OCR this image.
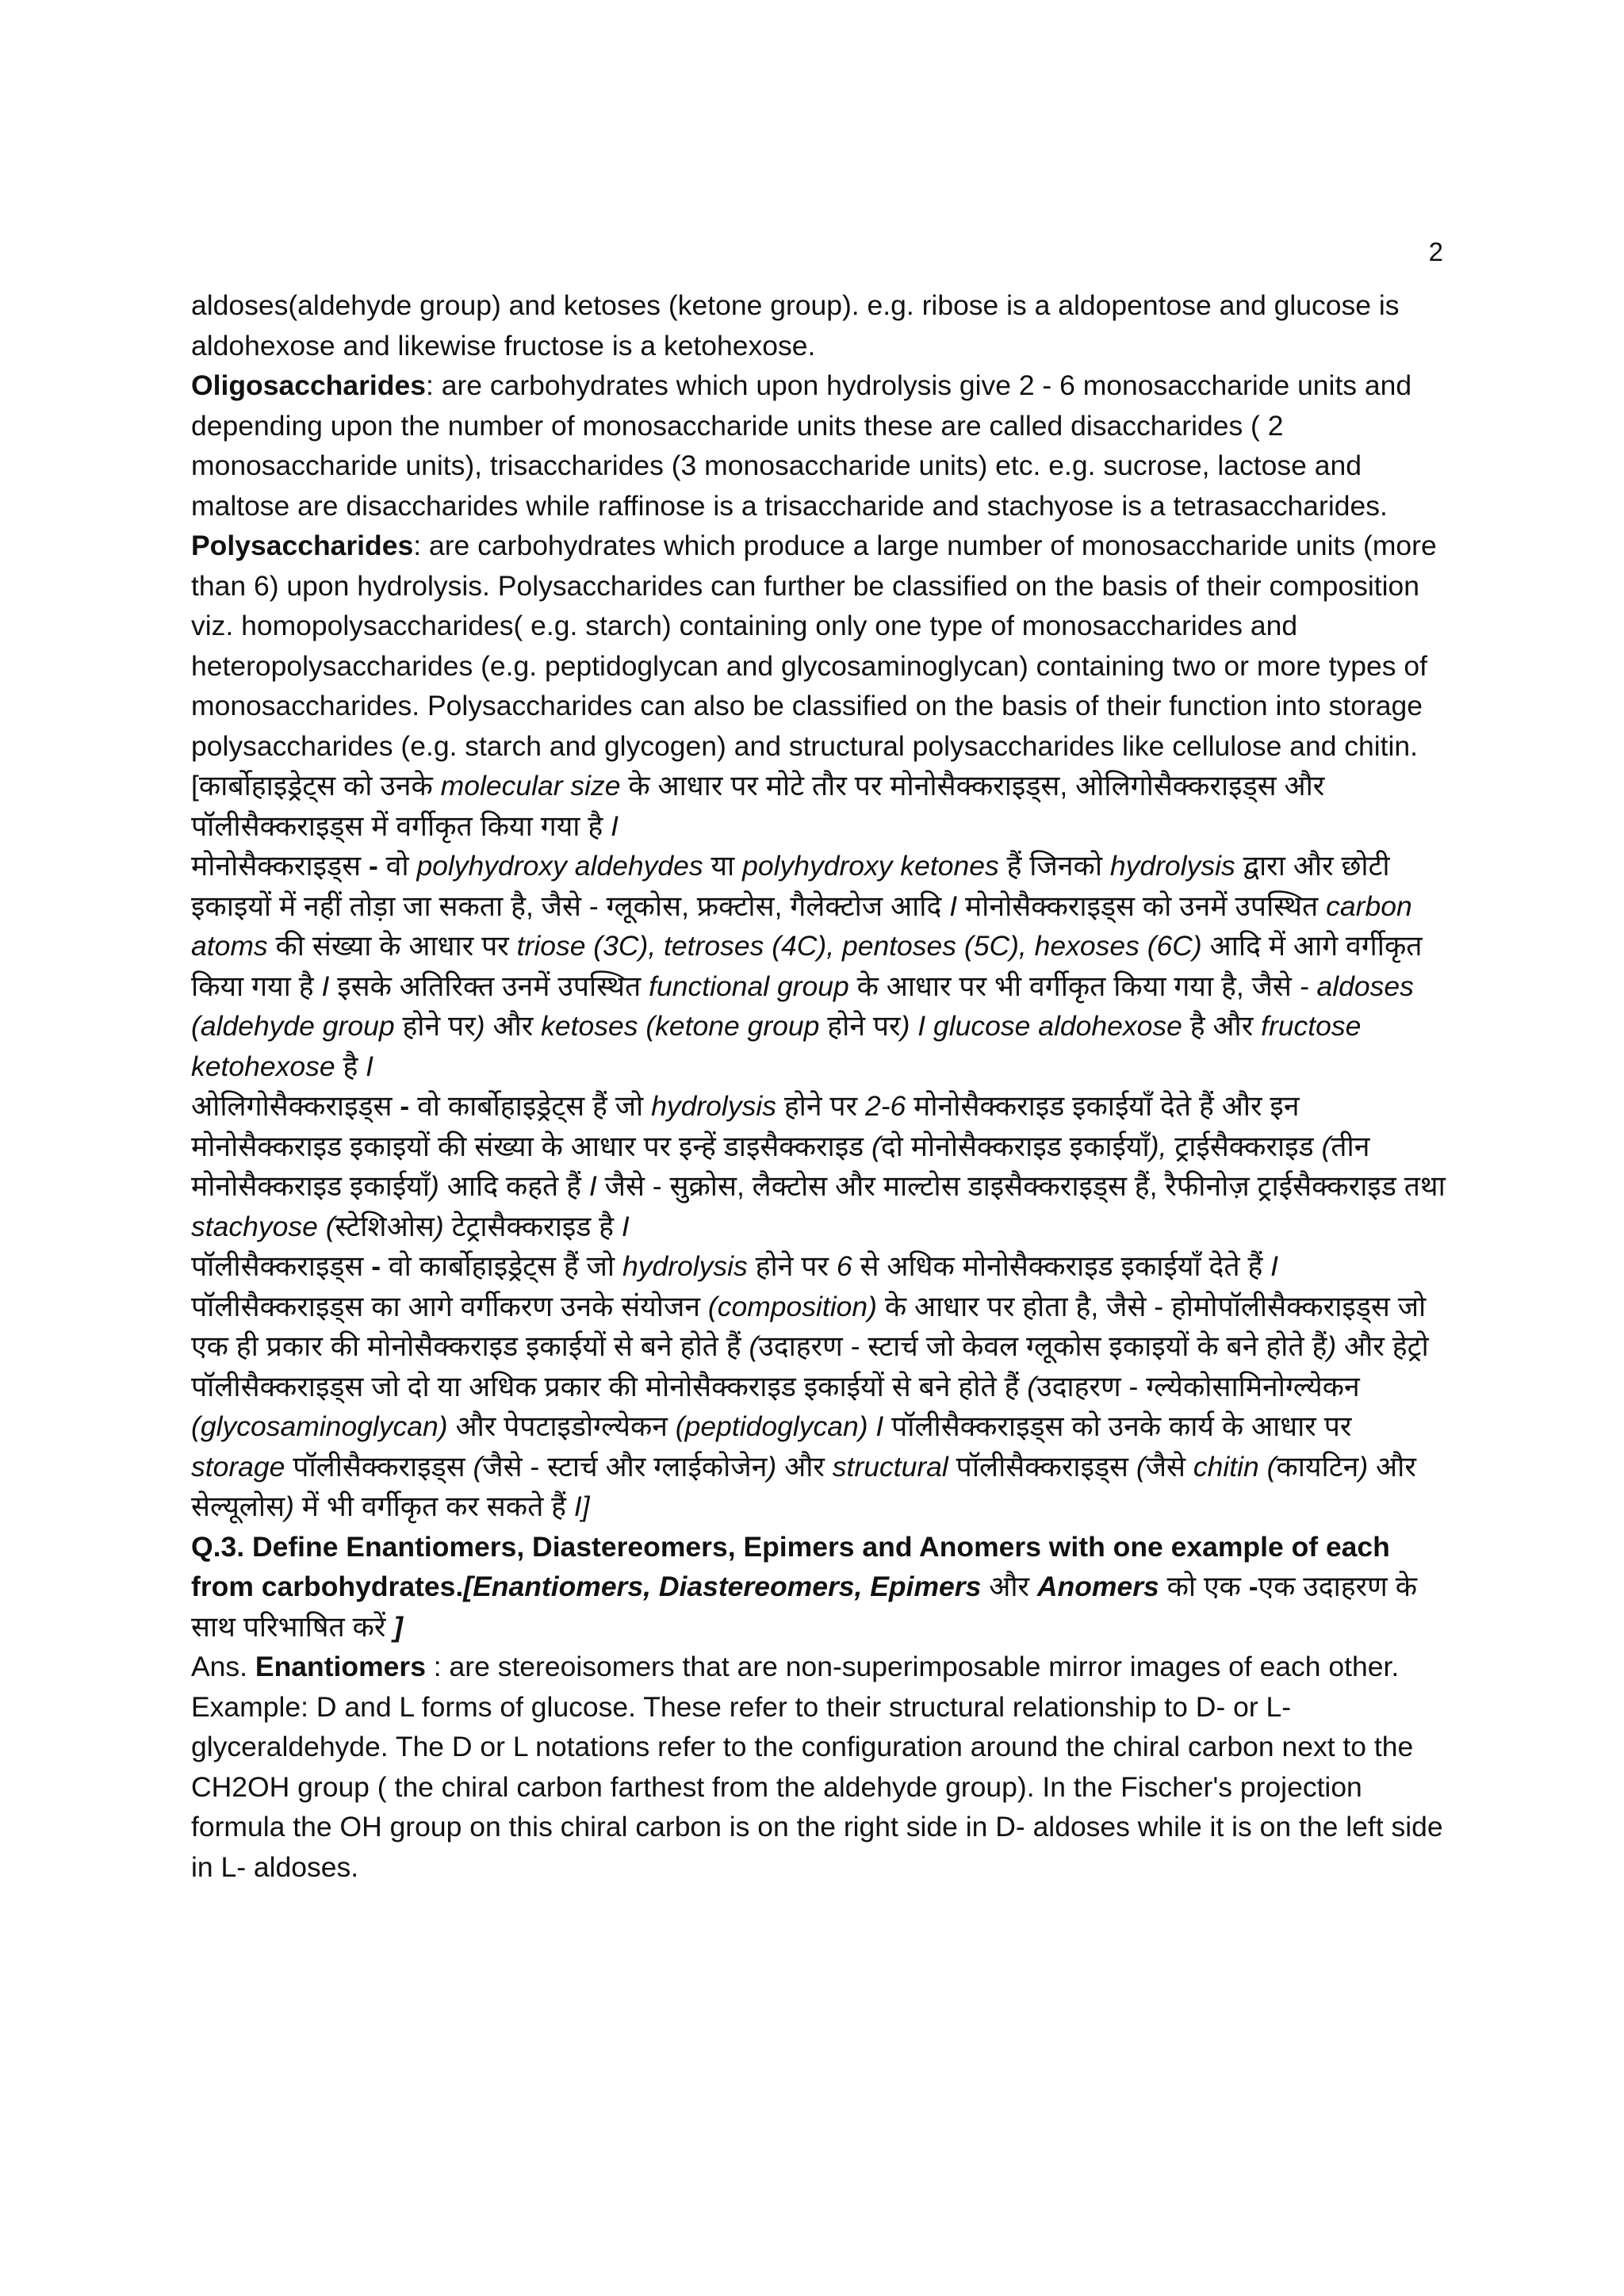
2

aldoses(aldehyde group) and ketoses (ketone group). e.g. ribose is a aldopentose and glucose is aldohexose and likewise fructose is a ketohexose.

Oligosaccharides: are carbohydrates which upon hydrolysis give 2 - 6 monosaccharide units and depending upon the number of monosaccharide units these are called disaccharides ( 2 monosaccharide units), trisaccharides (3 monosaccharide units) etc. e.g. sucrose, lactose and maltose are disaccharides while raffinose is a trisaccharide and stachyose is a tetrasaccharides.

Polysaccharides: are carbohydrates which produce a large number of monosaccharide units (more than 6) upon hydrolysis. Polysaccharides can further be classified on the basis of their composition viz. homopolysaccharides( e.g. starch) containing only one type of monosaccharides and heteropolysaccharides (e.g. peptidoglycan and glycosaminoglycan) containing two or more types of monosaccharides. Polysaccharides can also be classified on the basis of their function into storage polysaccharides (e.g. starch and glycogen) and structural polysaccharides like cellulose and chitin.

[कार्बोहाइड्रेट्स को उनके molecular size के आधार पर मोटे तौर पर मोनोसैक्कराइड्स, ओलिगोसैक्कराइड्स और पॉलीसैक्कराइड्स में वर्गीकृत किया गया है I

मोनोसैक्कराइड्स - वो polyhydroxy aldehydes या polyhydroxy ketones हैं जिनको hydrolysis द्वारा और छोटी इकाइयों में नहीं तोड़ा जा सकता है, जैसे - ग्लूकोस, फ्रक्टोस, गैलेक्टोज आदि I मोनोसैक्कराइड्स को उनमें उपस्थित carbon atoms की संख्या के आधार पर triose (3C), tetroses (4C), pentoses (5C), hexoses (6C) आदि में आगे वर्गीकृत किया गया है I इसके अतिरिक्त उनमें उपस्थित functional group के आधार पर भी वर्गीकृत किया गया है, जैसे - aldoses (aldehyde group होने पर) और ketoses (ketone group होने पर) I glucose aldohexose है और fructose ketohexose है I

ओलिगोसैक्कराइड्स - वो कार्बोहाइड्रेट्स हैं जो hydrolysis होने पर 2-6 मोनोसैक्कराइड इकाईयाँ देते हैं और इन मोनोसैक्कराइड इकाइयों की संख्या के आधार पर इन्हें डाइसैक्कराइड (दो मोनोसैक्कराइड इकाईयाँ), ट्राईसैक्कराइड (तीन मोनोसैक्कराइड इकाईयाँ) आदि कहते हैं I जैसे - सुक्रोस, लैक्टोस और माल्टोस डाइसैक्कराइड्स हैं, रैफीनोज़ ट्राईसैक्कराइड तथा stachyose (स्टेशिओस) टेट्रासैक्कराइड है I

पॉलीसैक्कराइड्स - वो कार्बोहाइड्रेट्स हैं जो hydrolysis होने पर 6 से अधिक मोनोसैक्कराइड इकाईयाँ देते हैं I पॉलीसैक्कराइड्स का आगे वर्गीकरण उनके संयोजन (composition) के आधार पर होता है, जैसे - होमोपॉलीसैक्कराइड्स जो एक ही प्रकार की मोनोसैक्कराइड इकाईयों से बने होते हैं (उदाहरण - स्टार्च जो केवल ग्लूकोस इकाइयों के बने होते हैं) और हेट्रो पॉलीसैक्कराइड्स जो दो या अधिक प्रकार की मोनोसैक्कराइड इकाईयों से बने होते हैं (उदाहरण - ग्ल्येकोसामिनोग्ल्येकन (glycosaminoglycan) और पेपटाइडोग्ल्येकन (peptidoglycan) I पॉलीसैक्कराइड्स को उनके कार्य के आधार पर storage पॉलीसैक्कराइड्स (जैसे - स्टार्च और ग्लाईकोजेन) और structural पॉलीसैक्कराइड्स (जैसे chitin (कायटिन) और सेल्यूलोस) में भी वर्गीकृत कर सकते हैं I]

Q.3. Define Enantiomers, Diastereomers, Epimers and Anomers with one example of each from carbohydrates.[Enantiomers, Diastereomers, Epimers और Anomers को एक -एक उदाहरण के साथ परिभाषित करें ]

Ans. Enantiomers : are stereoisomers that are non-superimposable mirror images of each other. Example: D and L forms of glucose. These refer to their structural relationship to D- or L-glyceraldehyde. The D or L notations refer to the configuration around the chiral carbon next to the CH2OH group ( the chiral carbon farthest from the aldehyde group). In the Fischer's projection formula the OH group on this chiral carbon is on the right side in D- aldoses while it is on the left side in L- aldoses.
